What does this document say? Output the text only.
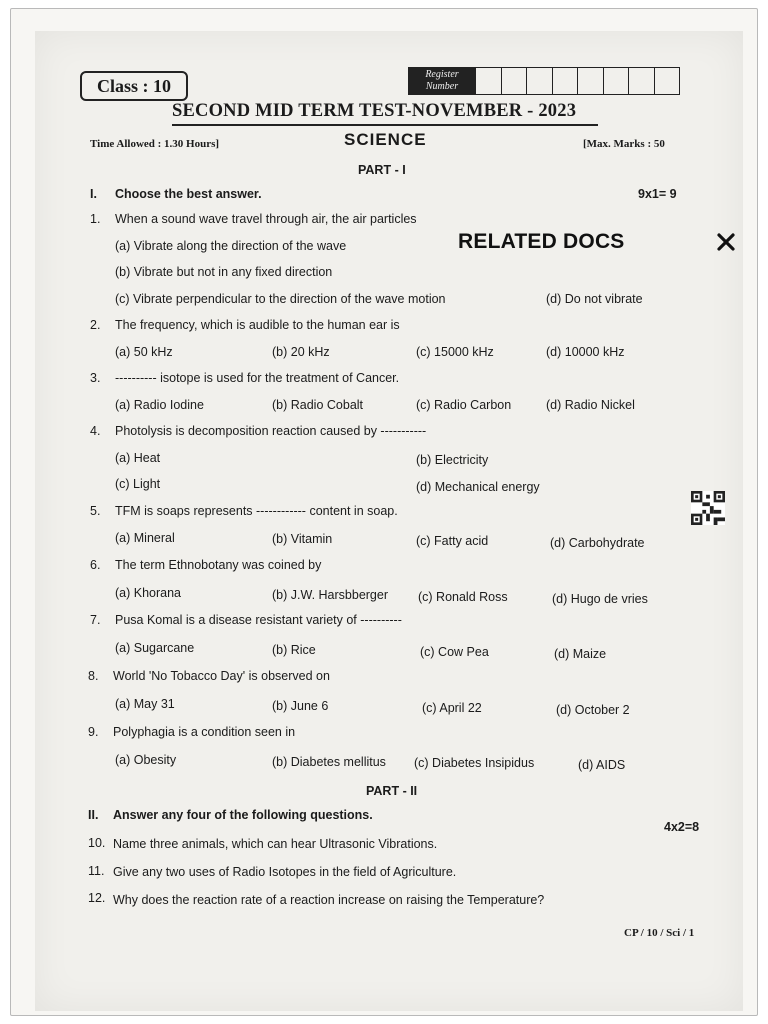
Class : 10
Register Number
SECOND MID TERM TEST-NOVEMBER - 2023
Time Allowed : 1.30 Hours]	SCIENCE	[Max. Marks : 50
PART - I
I. Choose the best answer.	9x1= 9
1. When a sound wave travel through air, the air particles
(a) Vibrate along the direction of the wave
(b) Vibrate but not in any fixed direction
(c) Vibrate perpendicular to the direction of the wave motion	(d) Do not vibrate
2. The frequency, which is audible to the human ear is
(a) 50 kHz	(b) 20 kHz	(c) 15000 kHz	(d) 10000 kHz
3. ---------- isotope is used for the treatment of Cancer.
(a) Radio Iodine	(b) Radio Cobalt	(c) Radio Carbon	(d) Radio Nickel
4. Photolysis is decomposition reaction caused by -----------
(a) Heat	(b) Electricity
(c) Light	(d) Mechanical energy
5. TFM is soaps represents ------------ content in soap.
(a) Mineral	(b) Vitamin	(c) Fatty acid	(d) Carbohydrate
6. The term Ethnobotany was coined by
(a) Khorana	(b) J.W. Harsbberger (c) Ronald Ross	(d) Hugo de vries
7. Pusa Komal is a disease resistant variety of ----------
(a) Sugarcane	(b) Rice	(c) Cow Pea	(d) Maize
8. World 'No Tobacco Day' is observed on
(a) May 31	(b) June 6	(c) April 22	(d) October 2
9. Polyphagia is a condition seen in
(a) Obesity	(b) Diabetes mellitus (c) Diabetes Insipidus	(d) AIDS
PART - II
II. Answer any four of the following questions.
4x2=8
10. Name three animals, which can hear Ultrasonic Vibrations.
11. Give any two uses of Radio Isotopes in the field of Agriculture.
12. Why does the reaction rate of a reaction increase on raising the Temperature?
CP / 10 / Sci / 1
RELATED DOCS
